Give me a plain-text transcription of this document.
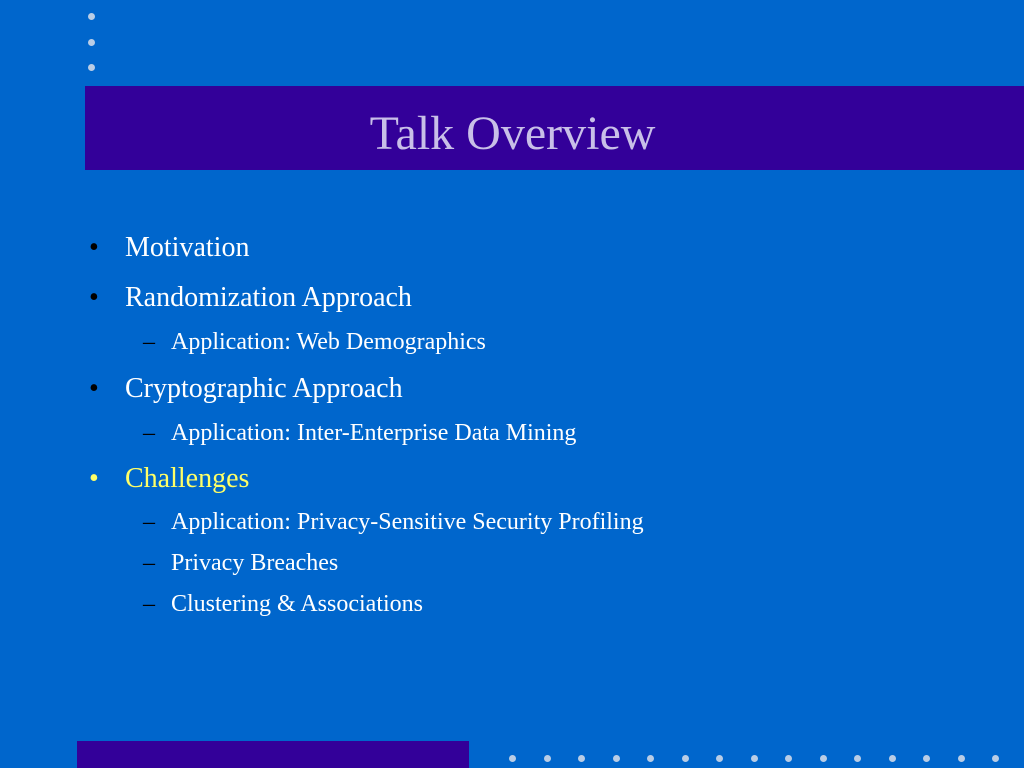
Talk Overview
• Motivation
• Randomization Approach
– Application: Web Demographics
• Cryptographic Approach
– Application: Inter-Enterprise Data Mining
• Challenges
– Application: Privacy-Sensitive Security Profiling
– Privacy Breaches
– Clustering & Associations
